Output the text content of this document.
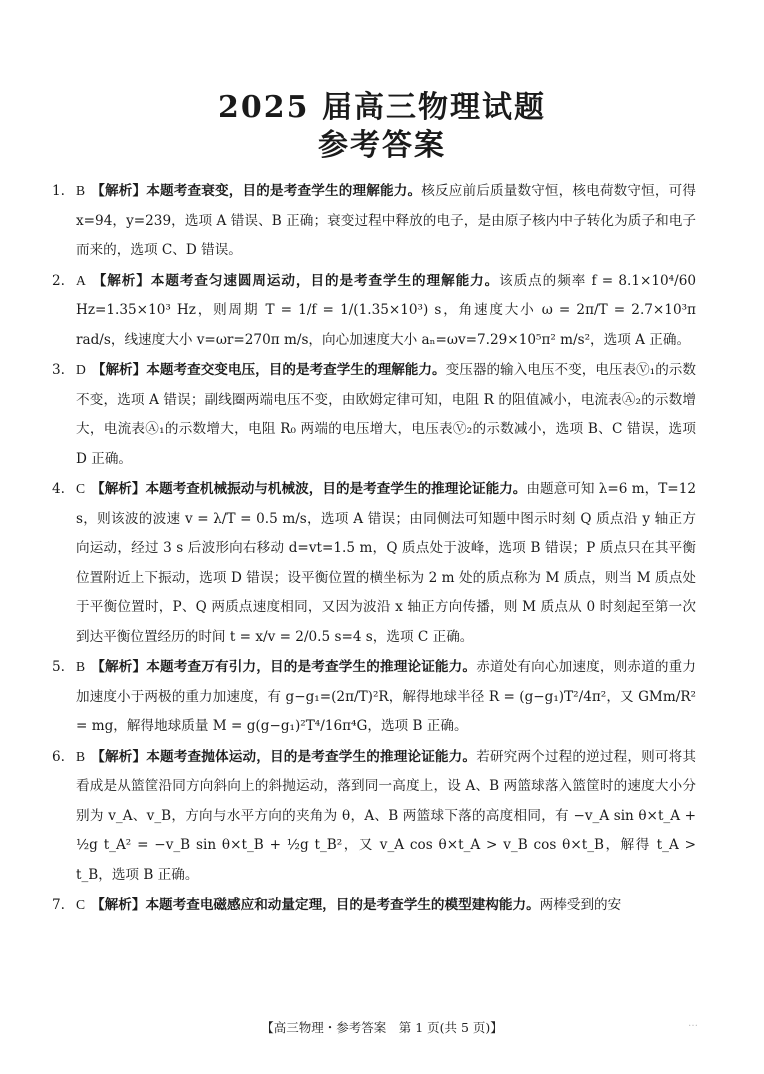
2025 届高三物理试题
参考答案

1. B 【解析】本题考查衰变，目的是考查学生的理解能力。核反应前后质量数守恒，核电荷数守恒，可得 x=94，y=239，选项 A 错误、B 正确；衰变过程中释放的电子，是由原子核内中子转化为质子和电子而来的，选项 C、D 错误。

2. A 【解析】本题考查匀速圆周运动，目的是考查学生的理解能力。该质点的频率 f = 8.1×10⁴/60 Hz=1.35×10³ Hz，则周期 T = 1/f = 1/(1.35×10³) s，角速度大小 ω = 2π/T = 2.7×10³π rad/s，线速度大小 v=ωr=270π m/s，向心加速度大小 aₙ=ωv=7.29×10⁵π² m/s²，选项 A 正确。

3. D 【解析】本题考查交变电压，目的是考查学生的理解能力。变压器的输入电压不变，电压表Ⓥ₁的示数不变，选项 A 错误；副线圈两端电压不变，由欧姆定律可知，电阻 R 的阻值减小，电流表Ⓐ₂的示数增大，电流表Ⓐ₁的示数增大，电阻 R₀ 两端的电压增大，电压表Ⓥ₂的示数减小，选项 B、C 错误，选项 D 正确。

4. C 【解析】本题考查机械振动与机械波，目的是考查学生的推理论证能力。由题意可知 λ=6 m，T=12 s，则该波的波速 v = λ/T = 0.5 m/s，选项 A 错误；由同侧法可知题中图示时刻 Q 质点沿 y 轴正方向运动，经过 3 s 后波形向右移动 d=vt=1.5 m，Q 质点处于波峰，选项 B 错误；P 质点只在其平衡位置附近上下振动，选项 D 错误；设平衡位置的横坐标为 2 m 处的质点称为 M 质点，则当 M 质点处于平衡位置时，P、Q 两质点速度相同，又因为波沿 x 轴正方向传播，则 M 质点从 0 时刻起至第一次到达平衡位置经历的时间 t = x/v = 2/0.5 s=4 s，选项 C 正确。

5. B 【解析】本题考查万有引力，目的是考查学生的推理论证能力。赤道处有向心加速度，则赤道的重力加速度小于两极的重力加速度，有 g−g₁=(2π/T)²R，解得地球半径 R = (g−g₁)T²/4π²，又 GMm/R² = mg，解得地球质量 M = g(g−g₁)²T⁴/16π⁴G，选项 B 正确。

6. B 【解析】本题考查抛体运动，目的是考查学生的推理论证能力。若研究两个过程的逆过程，则可将其看成是从篮筐沿同方向斜向上的斜抛运动，落到同一高度上，设 A、B 两篮球落入篮筐时的速度大小分别为 v_A、v_B，方向与水平方向的夹角为 θ，A、B 两篮球下落的高度相同，有 −v_A sin θ×t_A + ½g t_A² = −v_B sin θ×t_B + ½g t_B²，又 v_A cos θ×t_A > v_B cos θ×t_B，解得 t_A > t_B，选项 B 正确。

7. C 【解析】本题考查电磁感应和动量定理，目的是考查学生的模型建构能力。两棒受到的安

【高三物理・参考答案　第 1 页(共 5 页)】	…
